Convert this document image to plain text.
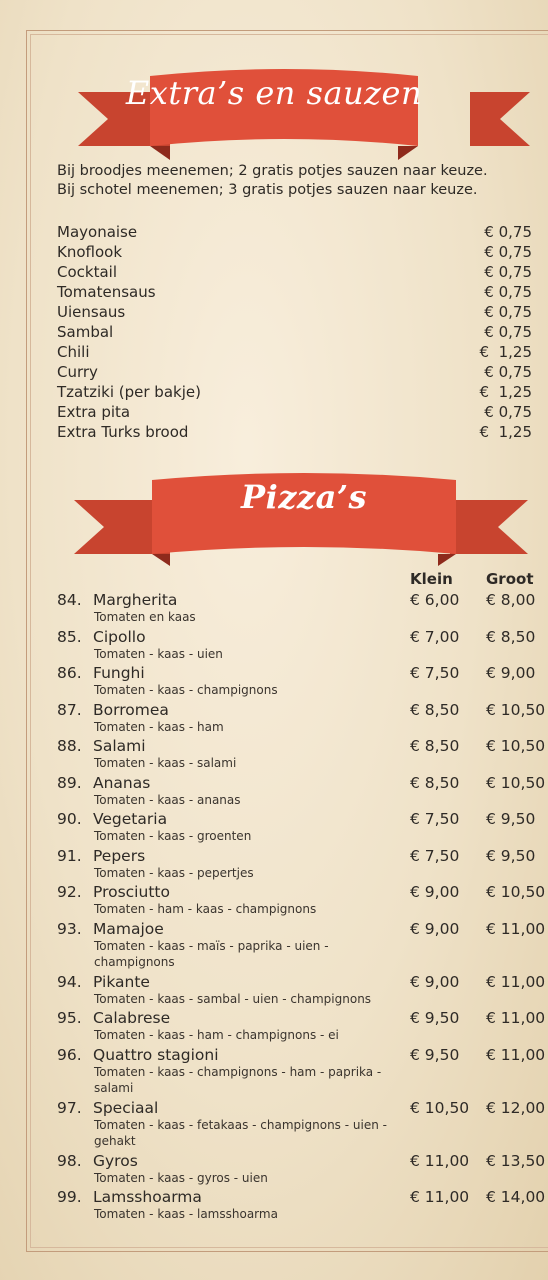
Extra’s en sauzen
Bij broodjes meenemen; 2 gratis potjes sauzen naar keuze.
Bij schotel meenemen; 3 gratis potjes sauzen naar keuze.
Mayonaise	€ 0,75
Knoflook	€ 0,75
Cocktail	€ 0,75
Tomatensaus	€ 0,75
Uiensaus	€ 0,75
Sambal	€ 0,75
Chili	€  1,25
Curry	€ 0,75
Tzatziki (per bakje)	€  1,25
Extra pita	€ 0,75
Extra Turks brood	€  1,25
Pizza’s
Klein Groot
84. Margherita
Tomaten en kaas
€ 6,00 € 8,00
85. Cipollo
Tomaten - kaas - uien
€ 7,00 € 8,50
86. Funghi
Tomaten - kaas - champignons
€ 7,50 € 9,00
87. Borromea
Tomaten - kaas - ham
€ 8,50 € 10,50
88. Salami
Tomaten - kaas - salami
€ 8,50 € 10,50
89. Ananas
Tomaten - kaas - ananas
€ 8,50 € 10,50
90. Vegetaria
Tomaten - kaas - groenten
€ 7,50 € 9,50
91. Pepers
Tomaten - kaas - pepertjes
€ 7,50 € 9,50
92. Prosciutto
Tomaten - ham - kaas - champignons
€ 9,00 € 10,50
93. Mamajoe
Tomaten - kaas - maïs - paprika - uien - champignons
€ 9,00 € 11,00
94. Pikante
Tomaten - kaas - sambal - uien - champignons
€ 9,00 € 11,00
95. Calabrese
Tomaten - kaas - ham - champignons - ei
€ 9,50 € 11,00
96. Quattro stagioni
Tomaten - kaas - champignons - ham - paprika - salami
€ 9,50 € 11,00
97. Speciaal
Tomaten - kaas - fetakaas - champignons - uien - gehakt
€ 10,50 € 12,00
98. Gyros
Tomaten - kaas - gyros - uien
€ 11,00 € 13,50
99. Lamsshoarma
Tomaten - kaas - lamsshoarma
€ 11,00 € 14,00
